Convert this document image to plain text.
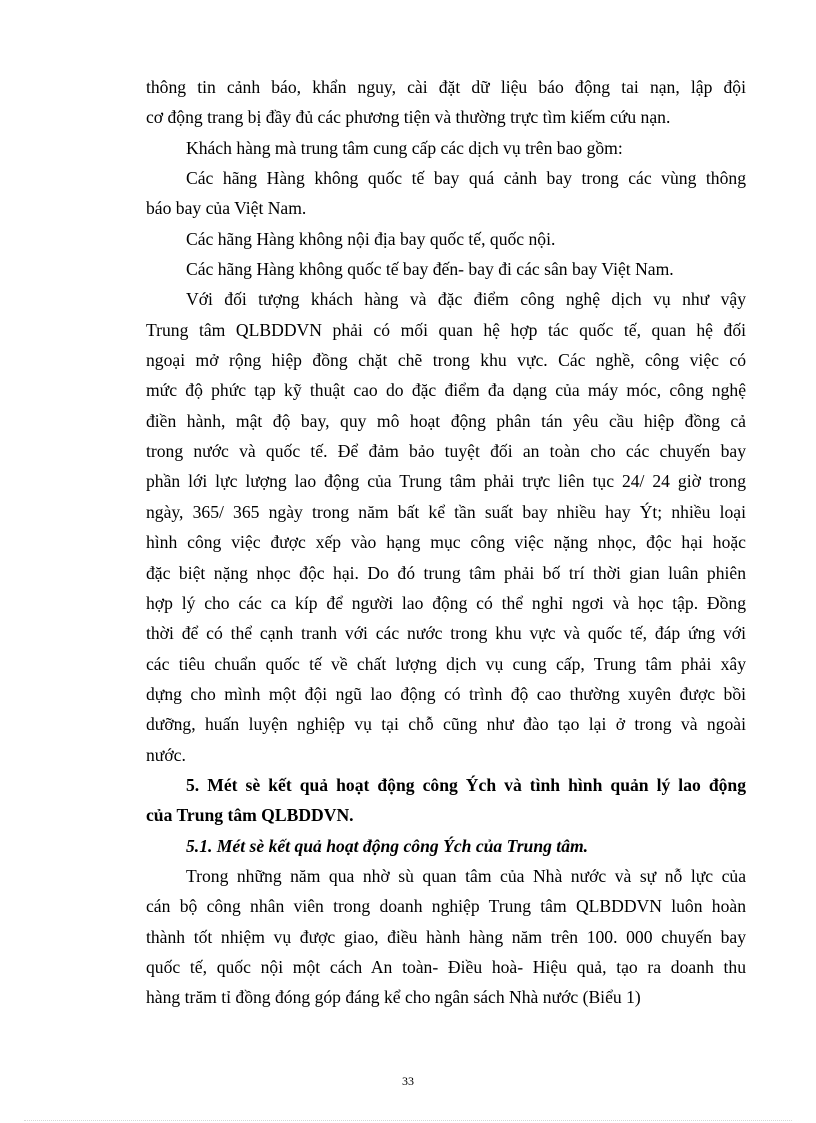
thông tin cảnh báo, khẩn nguy, cài đặt dữ liệu báo động tai nạn, lập đội
cơ động trang bị đầy đủ các phương tiện và thường trực tìm kiếm cứu nạn.
Khách hàng mà trung tâm cung cấp các dịch vụ trên bao gồm:
Các hãng Hàng không quốc tế bay quá cảnh bay trong các vùng thông
báo bay của Việt Nam.
Các hãng Hàng không nội địa bay quốc tế, quốc nội.
Các hãng Hàng không quốc tế bay đến- bay đi các sân bay Việt Nam.
Với đối tượng khách hàng và đặc điểm công nghệ dịch vụ như vậy
Trung tâm QLBDDVN phải có mối quan hệ hợp tác quốc tế, quan hệ đối
ngoại mở rộng hiệp đồng chặt chẽ trong khu vực. Các nghề, công việc có
mức độ phức tạp kỹ thuật cao do đặc điểm đa dạng của máy móc, công nghệ
điền hành, mật độ bay, quy mô hoạt động phân tán yêu cầu hiệp đồng cả
trong nước và quốc tế. Để đảm bảo tuyệt đối an toàn cho các chuyến bay
phần lới lực lượng lao động của Trung tâm phải trực liên tục 24/ 24 giờ trong
ngày, 365/ 365 ngày trong năm bất kể tần suất bay nhiều hay Ýt; nhiều loại
hình công việc được xếp vào hạng mục công việc nặng nhọc, độc hại hoặc
đặc biệt nặng nhọc độc hại. Do đó trung tâm phải bố trí thời gian luân phiên
hợp lý cho các ca kíp để người lao động có thể nghỉ ngơi và học tập. Đồng
thời để có thể cạnh tranh với các nước trong khu vực và quốc tế, đáp ứng với
các tiêu chuẩn quốc tế về chất lượng dịch vụ cung cấp, Trung tâm phải xây
dựng cho mình một đội ngũ lao động có trình độ cao thường xuyên được bồi
dưỡng, huấn luyện nghiệp vụ tại chỗ cũng như đào tạo lại ở trong và ngoài
nước.
5. Mét sè kết quả hoạt động công Ých và tình hình quản lý lao động
của Trung tâm QLBDDVN.
5.1. Mét sè kết quả hoạt động công Ých của Trung tâm.
Trong những năm qua nhờ sù quan tâm của Nhà nước và sự nỗ lực của
cán bộ công nhân viên trong doanh nghiệp Trung tâm QLBDDVN luôn hoàn
thành tốt nhiệm vụ được giao, điều hành hàng năm trên 100. 000 chuyến bay
quốc tế, quốc nội một cách An toàn- Điều hoà- Hiệu quả, tạo ra doanh thu
hàng trăm tỉ đồng đóng góp đáng kể cho ngân sách Nhà nước (Biểu 1)
33
